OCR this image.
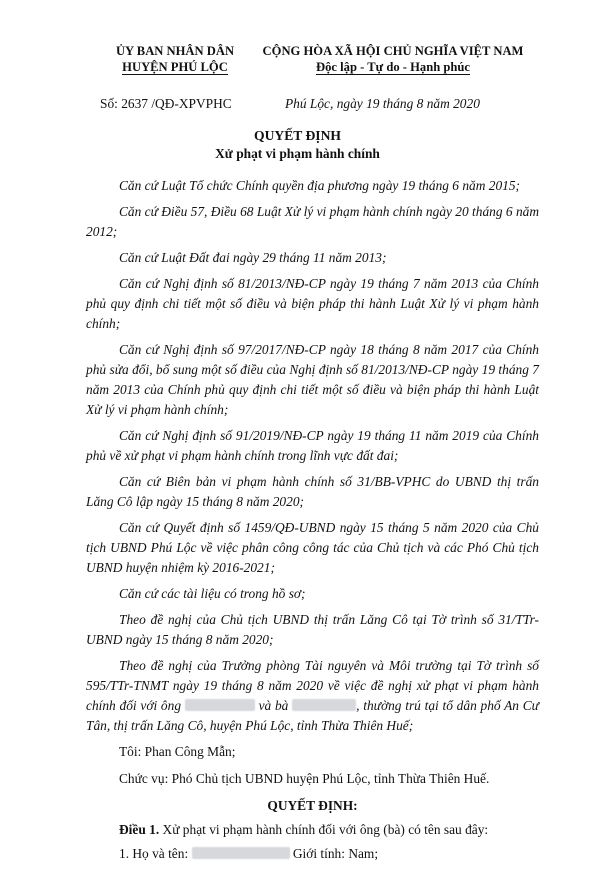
ỦY BAN NHÂN DÂN
HUYỆN PHÚ LỘC
CỘNG HÒA XÃ HỘI CHỦ NGHĨA VIỆT NAM
Độc lập - Tự do - Hạnh phúc
Số: 2637 /QĐ-XPVPHC	Phú Lộc, ngày 19 tháng 8 năm 2020
QUYẾT ĐỊNH
Xử phạt vi phạm hành chính

Căn cứ Luật Tổ chức Chính quyền địa phương ngày 19 tháng 6 năm 2015;

Căn cứ Điều 57, Điều 68 Luật Xử lý vi phạm hành chính ngày 20 tháng 6 năm 2012;

Căn cứ Luật Đất đai ngày 29 tháng 11 năm 2013;

Căn cứ Nghị định số 81/2013/NĐ-CP ngày 19 tháng 7 năm 2013 của Chính phủ quy định chi tiết một số điều và biện pháp thi hành Luật Xử lý vi phạm hành chính;

Căn cứ Nghị định số 97/2017/NĐ-CP ngày 18 tháng 8 năm 2017 của Chính phủ sửa đổi, bổ sung một số điều của Nghị định số 81/2013/NĐ-CP ngày 19 tháng 7 năm 2013 của Chính phủ quy định chi tiết một số điều và biện pháp thi hành Luật Xử lý vi phạm hành chính;

Căn cứ Nghị định số 91/2019/NĐ-CP ngày 19 tháng 11 năm 2019 của Chính phủ về xử phạt vi phạm hành chính trong lĩnh vực đất đai;

Căn cứ Biên bản vi phạm hành chính số 31/BB-VPHC do UBND thị trấn Lăng Cô lập ngày 15 tháng 8 năm 2020;

Căn cứ Quyết định số 1459/QĐ-UBND ngày 15 tháng 5 năm 2020 của Chủ tịch UBND Phú Lộc về việc phân công công tác của Chủ tịch và các Phó Chủ tịch UBND huyện nhiệm kỳ 2016-2021;

Căn cứ các tài liệu có trong hồ sơ;

Theo đề nghị của Chủ tịch UBND thị trấn Lăng Cô tại Tờ trình số 31/TTr-UBND ngày 15 tháng 8 năm 2020;

Theo đề nghị của Trưởng phòng Tài nguyên và Môi trường tại Tờ trình số 595/TTr-TNMT ngày 19 tháng 8 năm 2020 về việc đề nghị xử phạt vi phạm hành chính đối với ông	và bà	, thường trú tại tổ dân phố An Cư Tân, thị trấn Lăng Cô, huyện Phú Lộc, tỉnh Thừa Thiên Huế;

Tôi: Phan Công Mẫn;

Chức vụ: Phó Chủ tịch UBND huyện Phú Lộc, tỉnh Thừa Thiên Huế.

QUYẾT ĐỊNH:

Điều 1. Xử phạt vi phạm hành chính đối với ông (bà) có tên sau đây:

1. Họ và tên:	Giới tính: Nam;
